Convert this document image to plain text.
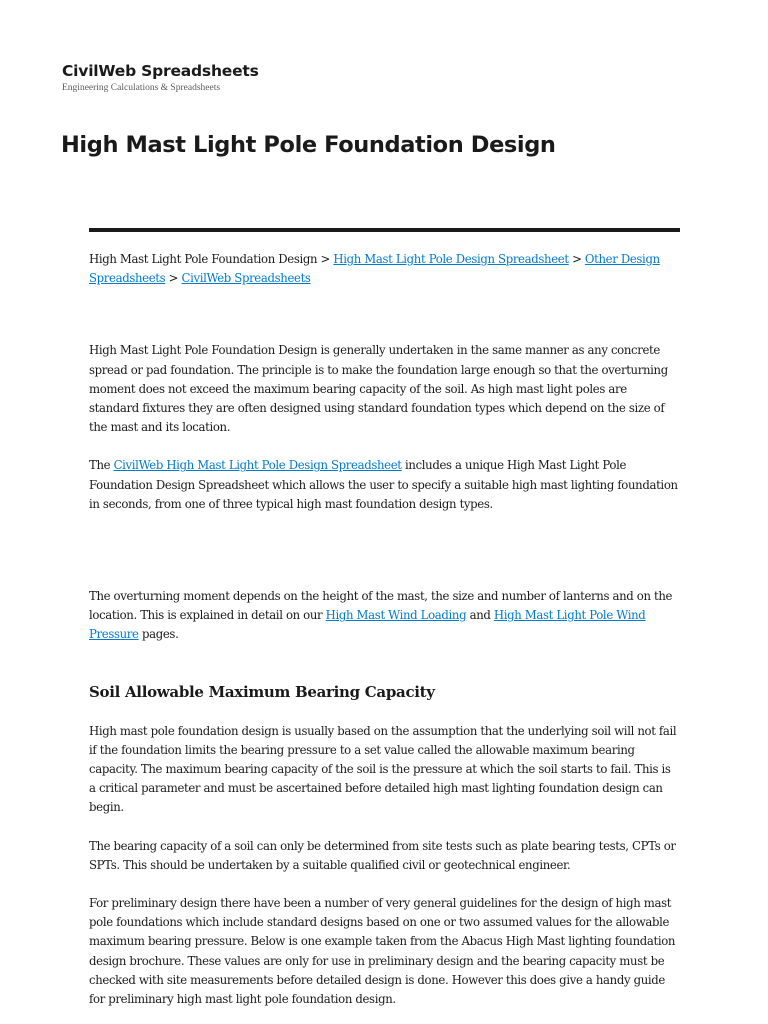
CivilWeb Spreadsheets
Engineering Calculations & Spreadsheets
High Mast Light Pole Foundation Design

High Mast Light Pole Foundation Design > High Mast Light Pole Design Spreadsheet > Other Design Spreadsheets > CivilWeb Spreadsheets

High Mast Light Pole Foundation Design is generally undertaken in the same manner as any concrete spread or pad foundation. The principle is to make the foundation large enough so that the overturning moment does not exceed the maximum bearing capacity of the soil. As high mast light poles are standard fixtures they are often designed using standard foundation types which depend on the size of the mast and its location.

The CivilWeb High Mast Light Pole Design Spreadsheet includes a unique High Mast Light Pole Foundation Design Spreadsheet which allows the user to specify a suitable high mast lighting foundation in seconds, from one of three typical high mast foundation design types.

The overturning moment depends on the height of the mast, the size and number of lanterns and on the location. This is explained in detail on our High Mast Wind Loading and High Mast Light Pole Wind Pressure pages.

Soil Allowable Maximum Bearing Capacity

High mast pole foundation design is usually based on the assumption that the underlying soil will not fail if the foundation limits the bearing pressure to a set value called the allowable maximum bearing capacity. The maximum bearing capacity of the soil is the pressure at which the soil starts to fail. This is a critical parameter and must be ascertained before detailed high mast lighting foundation design can begin.

The bearing capacity of a soil can only be determined from site tests such as plate bearing tests, CPTs or SPTs. This should be undertaken by a suitable qualified civil or geotechnical engineer.

For preliminary design there have been a number of very general guidelines for the design of high mast pole foundations which include standard designs based on one or two assumed values for the allowable maximum bearing pressure. Below is one example taken from the Abacus High Mast lighting foundation design brochure. These values are only for use in preliminary design and the bearing capacity must be checked with site measurements before detailed design is done. However this does give a handy guide for preliminary high mast light pole foundation design.
